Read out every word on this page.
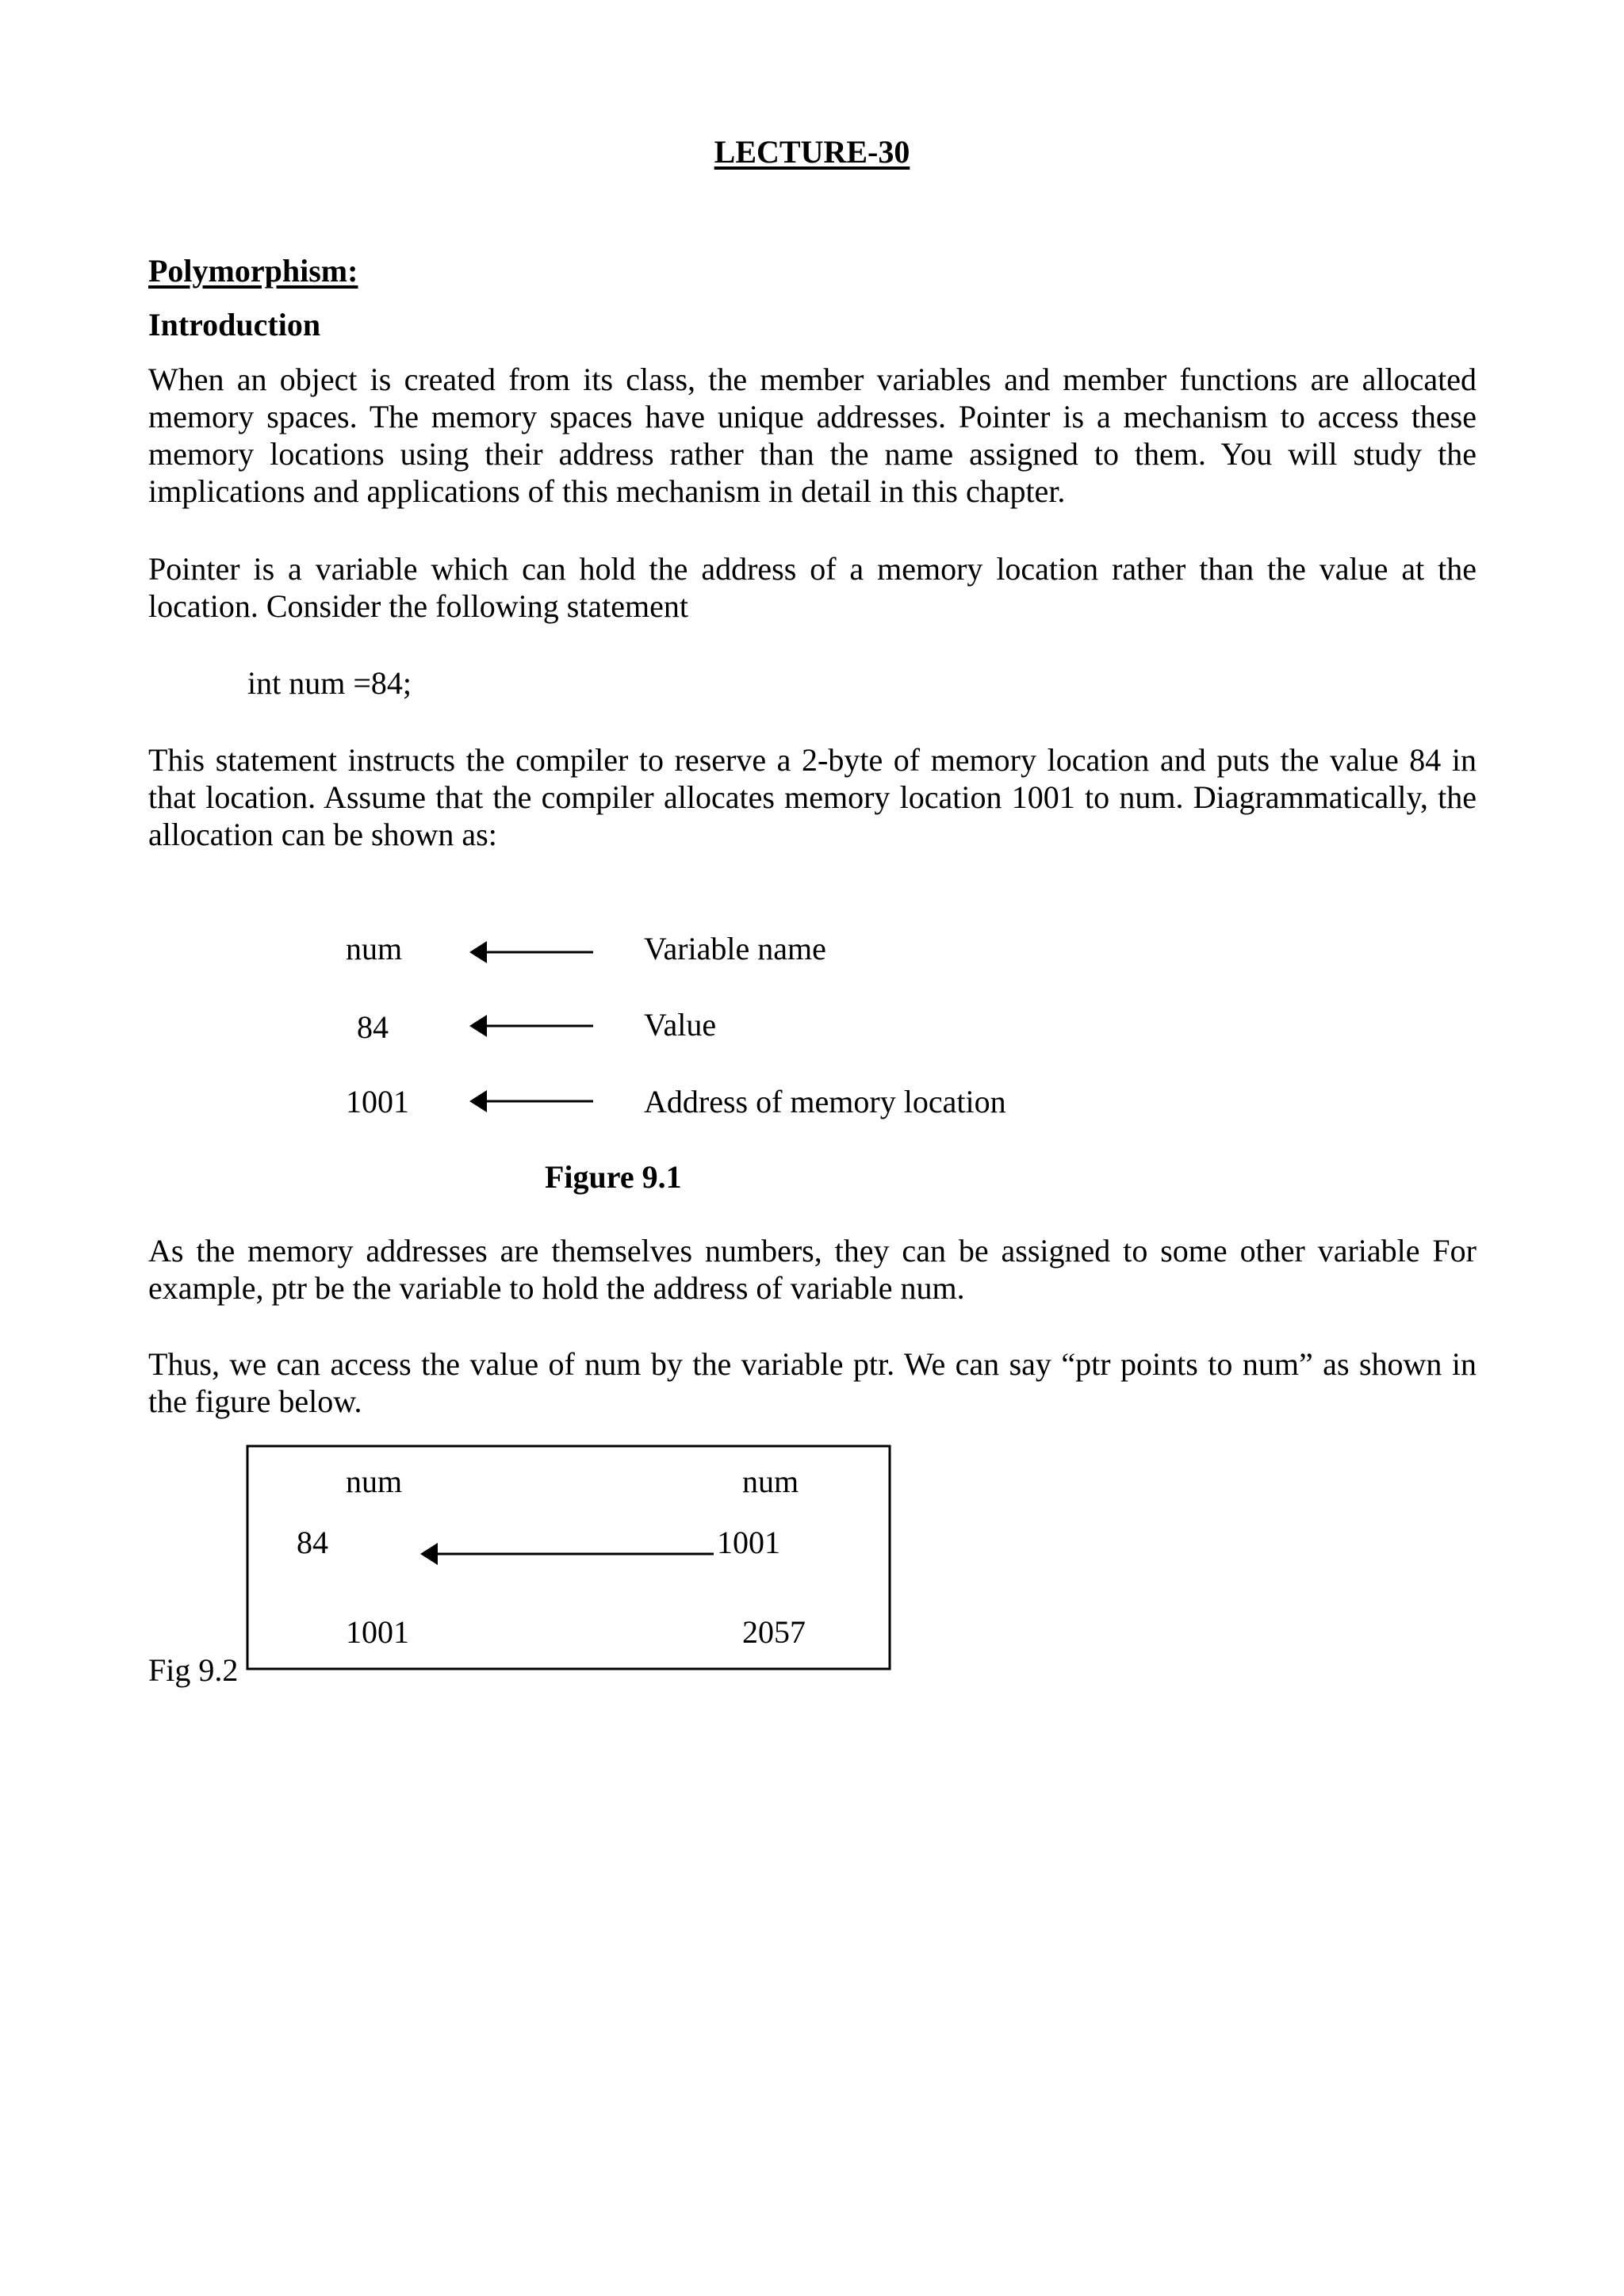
LECTURE-30
Polymorphism:
Introduction
When an object is created from its class, the member variables and member functions are allocated memory spaces. The memory spaces have unique addresses. Pointer is a mechanism to access these memory locations using their address rather than the name assigned to them. You will study the implications and applications of this mechanism in detail in this chapter.
Pointer is a variable which can hold the address of a memory location rather than the value at the location. Consider the following statement
int num =84;
This statement instructs the compiler to reserve a 2-byte of memory location and puts the value 84 in that location. Assume that the compiler allocates memory location 1001 to num. Diagrammatically, the allocation can be shown as:
num	Variable name
84	Value
1001	Address of memory location
Figure 9.1
As the memory addresses are themselves numbers, they can be assigned to some other variable For example, ptr be the variable to hold the address of variable num.
Thus, we can access the value of num by the variable ptr. We can say “ptr points to num” as shown in the figure below.
num	num
84	1001
1001	2057
Fig 9.2
